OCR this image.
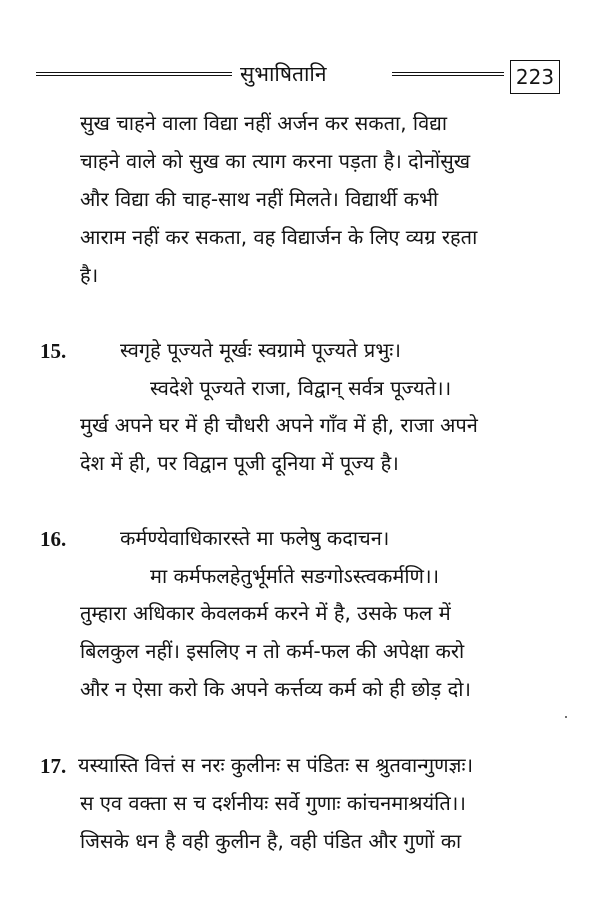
सुभाषितानि	223
सुख चाहने वाला विद्या नहीं अर्जन कर सकता, विद्या
चाहने वाले को सुख का त्याग करना पड़ता है। दोनोंसुख
और विद्या की चाह-साथ नहीं मिलते। विद्यार्थी कभी
आराम नहीं कर सकता, वह विद्यार्जन के लिए व्यग्र रहता
है।
15.	स्वगृहे पूज्यते मूर्खः स्वग्रामे पूज्यते प्रभुः।
स्वदेशे पूज्यते राजा, विद्वान् सर्वत्र पूज्यते।।
मुर्ख अपने घर में ही चौधरी अपने गाँव में ही, राजा अपने
देश में ही, पर विद्वान पूजी दूनिया में पूज्य है।
16.	कर्मण्येवाधिकारस्ते मा फलेषु कदाचन।
मा कर्मफलहेतुर्भूर्माते सङगोऽस्त्वकर्मणि।।
तुम्हारा अधिकार केवलकर्म करने में है, उसके फल में
बिलकुल नहीं। इसलिए न तो कर्म-फल की अपेक्षा करो
और न ऐसा करो कि अपने कर्त्तव्य कर्म को ही छोड़ दो।
17. यस्यास्ति वित्तं स नरः कुलीनः स पंडितः स श्रुतवान्गुणज्ञः।
स एव वक्ता स च दर्शनीयः सर्वे गुणाः कांचनमाश्रयंति।।
जिसके धन है वही कुलीन है, वही पंडित और गुणों का
